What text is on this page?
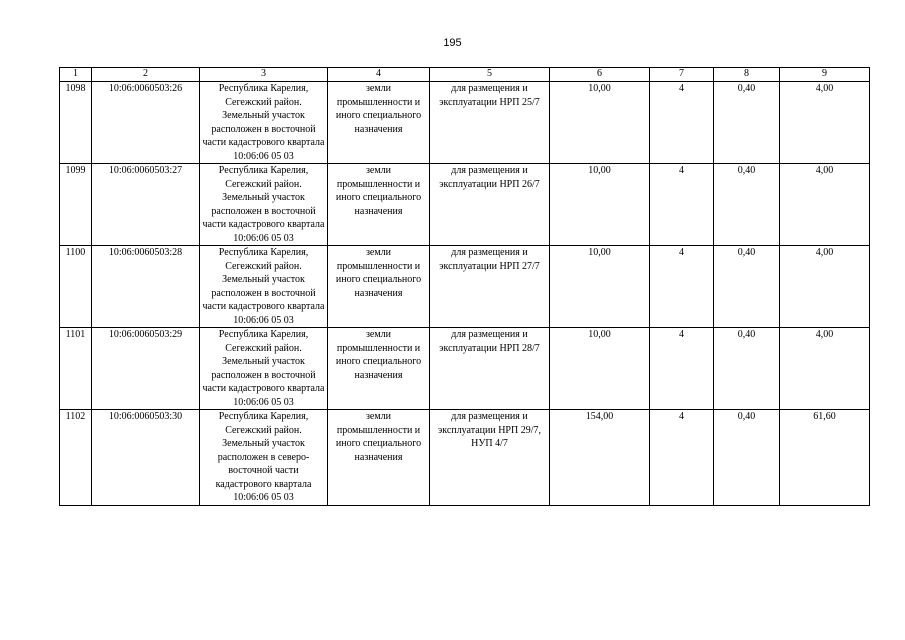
195
1	2	3	4	5	6	7	8	9
1098	10:06:0060503:26	Республика Карелия, Сегежский район. Земельный участок расположен в восточной части кадастрового квартала 10:06:06 05 03	земли промышленности и иного специального назначения	для размещения и эксплуатации НРП 25/7	10,00	4	0,40	4,00
1099	10:06:0060503:27	Республика Карелия, Сегежский район. Земельный участок расположен в восточной части кадастрового квартала 10:06:06 05 03	земли промышленности и иного специального назначения	для размещения и эксплуатации НРП 26/7	10,00	4	0,40	4,00
1100	10:06:0060503:28	Республика Карелия, Сегежский район. Земельный участок расположен в восточной части кадастрового квартала 10:06:06 05 03	земли промышленности и иного специального назначения	для размещения и эксплуатации НРП 27/7	10,00	4	0,40	4,00
1101	10:06:0060503:29	Республика Карелия, Сегежский район. Земельный участок расположен в восточной части кадастрового квартала 10:06:06 05 03	земли промышленности и иного специального назначения	для размещения и эксплуатации НРП 28/7	10,00	4	0,40	4,00
1102	10:06:0060503:30	Республика Карелия, Сегежский район. Земельный участок расположен в северо-восточной части кадастрового квартала 10:06:06 05 03	земли промышленности и иного специального назначения	для размещения и эксплуатации НРП 29/7, НУП 4/7	154,00	4	0,40	61,60
